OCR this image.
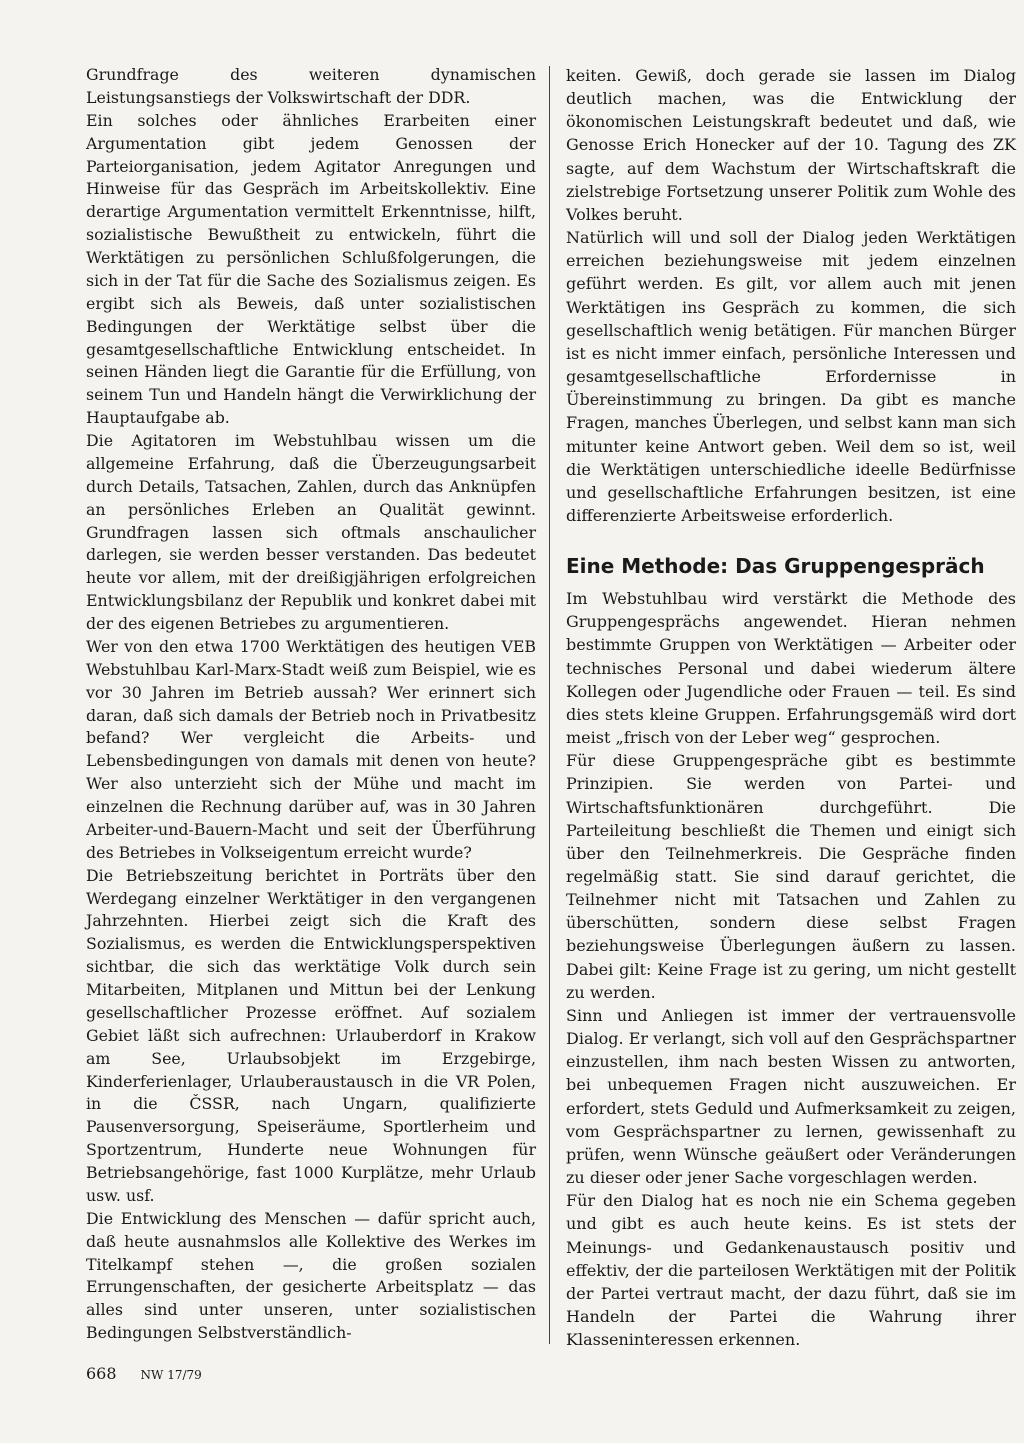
Grundfrage des weiteren dynamischen Leistungsanstiegs der Volkswirtschaft der DDR.

Ein solches oder ähnliches Erarbeiten einer Argumentation gibt jedem Genossen der Parteiorganisation, jedem Agitator Anregungen und Hinweise für das Gespräch im Arbeitskollektiv. Eine derartige Argumentation vermittelt Erkenntnisse, hilft, sozialistische Bewußtheit zu entwickeln, führt die Werktätigen zu persönlichen Schlußfolgerungen, die sich in der Tat für die Sache des Sozialismus zeigen. Es ergibt sich als Beweis, daß unter sozialistischen Bedingungen der Werktätige selbst über die gesamtgesellschaftliche Entwicklung entscheidet. In seinen Händen liegt die Garantie für die Erfüllung, von seinem Tun und Handeln hängt die Verwirklichung der Hauptaufgabe ab.

Die Agitatoren im Webstuhlbau wissen um die allgemeine Erfahrung, daß die Überzeugungsarbeit durch Details, Tatsachen, Zahlen, durch das Anknüpfen an persönliches Erleben an Qualität gewinnt. Grundfragen lassen sich oftmals anschaulicher darlegen, sie werden besser verstanden. Das bedeutet heute vor allem, mit der dreißigjährigen erfolgreichen Entwicklungsbilanz der Republik und konkret dabei mit der des eigenen Betriebes zu argumentieren.

Wer von den etwa 1700 Werktätigen des heutigen VEB Webstuhlbau Karl-Marx-Stadt weiß zum Beispiel, wie es vor 30 Jahren im Betrieb aussah? Wer erinnert sich daran, daß sich damals der Betrieb noch in Privatbesitz befand? Wer vergleicht die Arbeits- und Lebensbedingungen von damals mit denen von heute? Wer also unterzieht sich der Mühe und macht im einzelnen die Rechnung darüber auf, was in 30 Jahren Arbeiter-und-Bauern-Macht und seit der Überführung des Betriebes in Volkseigentum erreicht wurde?

Die Betriebszeitung berichtet in Porträts über den Werdegang einzelner Werktätiger in den vergangenen Jahrzehnten. Hierbei zeigt sich die Kraft des Sozialismus, es werden die Entwicklungsperspektiven sichtbar, die sich das werktätige Volk durch sein Mitarbeiten, Mitplanen und Mittun bei der Lenkung gesellschaftlicher Prozesse eröffnet. Auf sozialem Gebiet läßt sich aufrechnen: Urlauberdorf in Krakow am See, Urlaubsobjekt im Erzgebirge, Kinderferienlager, Urlauberaustausch in die VR Polen, in die ČSSR, nach Ungarn, qualifizierte Pausenversorgung, Speiseräume, Sportlerheim und Sportzentrum, Hunderte neue Wohnungen für Betriebsangehörige, fast 1000 Kurplätze, mehr Urlaub usw. usf.

Die Entwicklung des Menschen — dafür spricht auch, daß heute ausnahmslos alle Kollektive des Werkes im Titelkampf stehen —, die großen sozialen Errungenschaften, der gesicherte Arbeitsplatz — das alles sind unter unseren, unter sozialistischen Bedingungen Selbstverständlich-

keiten. Gewiß, doch gerade sie lassen im Dialog deutlich machen, was die Entwicklung der ökonomischen Leistungskraft bedeutet und daß, wie Genosse Erich Honecker auf der 10. Tagung des ZK sagte, auf dem Wachstum der Wirtschaftskraft die zielstrebige Fortsetzung unserer Politik zum Wohle des Volkes beruht.

Natürlich will und soll der Dialog jeden Werktätigen erreichen beziehungsweise mit jedem einzelnen geführt werden. Es gilt, vor allem auch mit jenen Werktätigen ins Gespräch zu kommen, die sich gesellschaftlich wenig betätigen. Für manchen Bürger ist es nicht immer einfach, persönliche Interessen und gesamtgesellschaftliche Erfordernisse in Übereinstimmung zu bringen. Da gibt es manche Fragen, manches Überlegen, und selbst kann man sich mitunter keine Antwort geben. Weil dem so ist, weil die Werktätigen unterschiedliche ideelle Bedürfnisse und gesellschaftliche Erfahrungen besitzen, ist eine differenzierte Arbeitsweise erforderlich.

Eine Methode: Das Gruppengespräch

Im Webstuhlbau wird verstärkt die Methode des Gruppengesprächs angewendet. Hieran nehmen bestimmte Gruppen von Werktätigen — Arbeiter oder technisches Personal und dabei wiederum ältere Kollegen oder Jugendliche oder Frauen — teil. Es sind dies stets kleine Gruppen. Erfahrungsgemäß wird dort meist „frisch von der Leber weg“ gesprochen.

Für diese Gruppengespräche gibt es bestimmte Prinzipien. Sie werden von Partei- und Wirtschaftsfunktionären durchgeführt. Die Parteileitung beschließt die Themen und einigt sich über den Teilnehmerkreis. Die Gespräche finden regelmäßig statt. Sie sind darauf gerichtet, die Teilnehmer nicht mit Tatsachen und Zahlen zu überschütten, sondern diese selbst Fragen beziehungsweise Überlegungen äußern zu lassen. Dabei gilt: Keine Frage ist zu gering, um nicht gestellt zu werden.

Sinn und Anliegen ist immer der vertrauensvolle Dialog. Er verlangt, sich voll auf den Gesprächspartner einzustellen, ihm nach besten Wissen zu antworten, bei unbequemen Fragen nicht auszuweichen. Er erfordert, stets Geduld und Aufmerksamkeit zu zeigen, vom Gesprächspartner zu lernen, gewissenhaft zu prüfen, wenn Wünsche geäußert oder Veränderungen zu dieser oder jener Sache vorgeschlagen werden.

Für den Dialog hat es noch nie ein Schema gegeben und gibt es auch heute keins. Es ist stets der Meinungs- und Gedankenaustausch positiv und effektiv, der die parteilosen Werktätigen mit der Politik der Partei vertraut macht, der dazu führt, daß sie im Handeln der Partei die Wahrung ihrer Klasseninteressen erkennen.

668 NW 17/79
